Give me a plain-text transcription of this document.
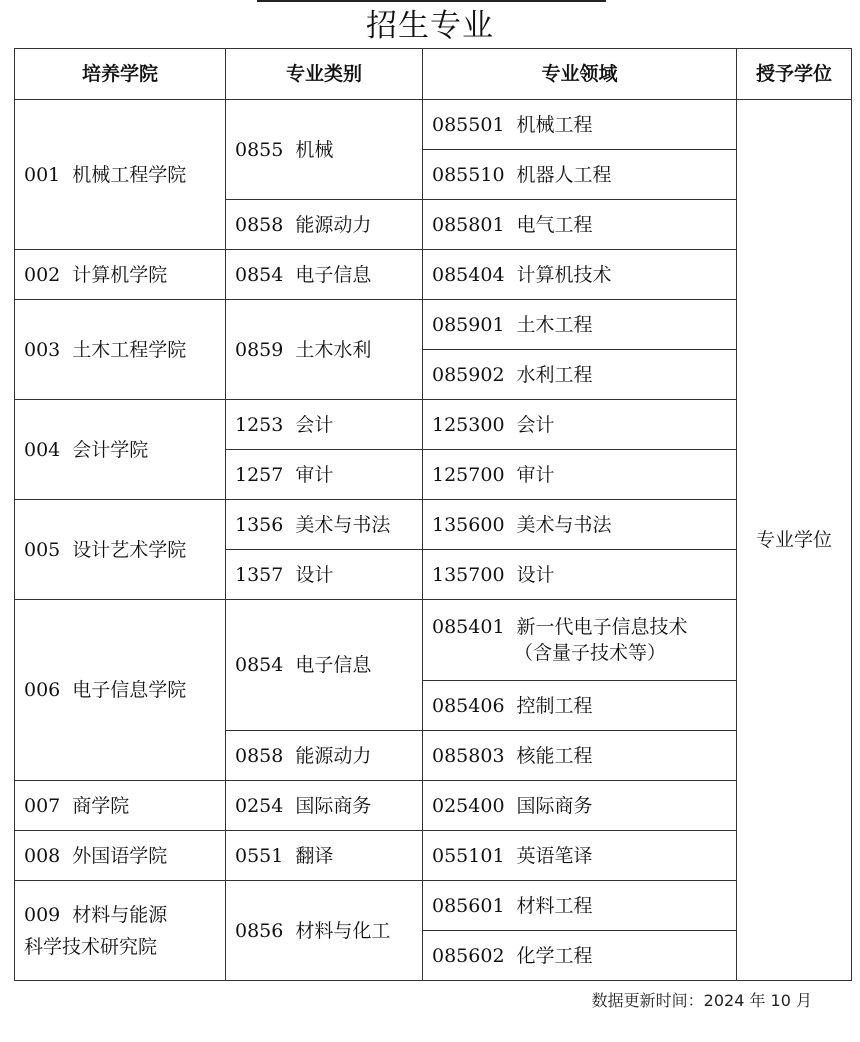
招生专业
培养学院	专业类别	专业领域	授予学位
001 机械工程学院	0855 机械	085501 机械工程	专业学位
		085510 机器人工程	
	0858 能源动力	085801 电气工程	
002 计算机学院	0854 电子信息	085404 计算机技术	
003 土木工程学院	0859 土木水利	085901 土木工程	
		085902 水利工程	
004 会计学院	1253 会计	125300 会计	
	1257 审计	125700 审计	
005 设计艺术学院	1356 美术与书法	135600 美术与书法	
	1357 设计	135700 设计	
006 电子信息学院	0854 电子信息	085401 新一代电子信息技术
（含量子技术等）	

		085406 控制工程	
	0858 能源动力	085803 核能工程	
007 商学院	0254 国际商务	025400 国际商务	
008 外国语学院	0551 翻译	055101 英语笔译	

009 材料与能源
科学技术研究院	0856 材料与化工	085601 材料工程	
		085602 化学工程	
数据更新时间：2024 年 10 月
